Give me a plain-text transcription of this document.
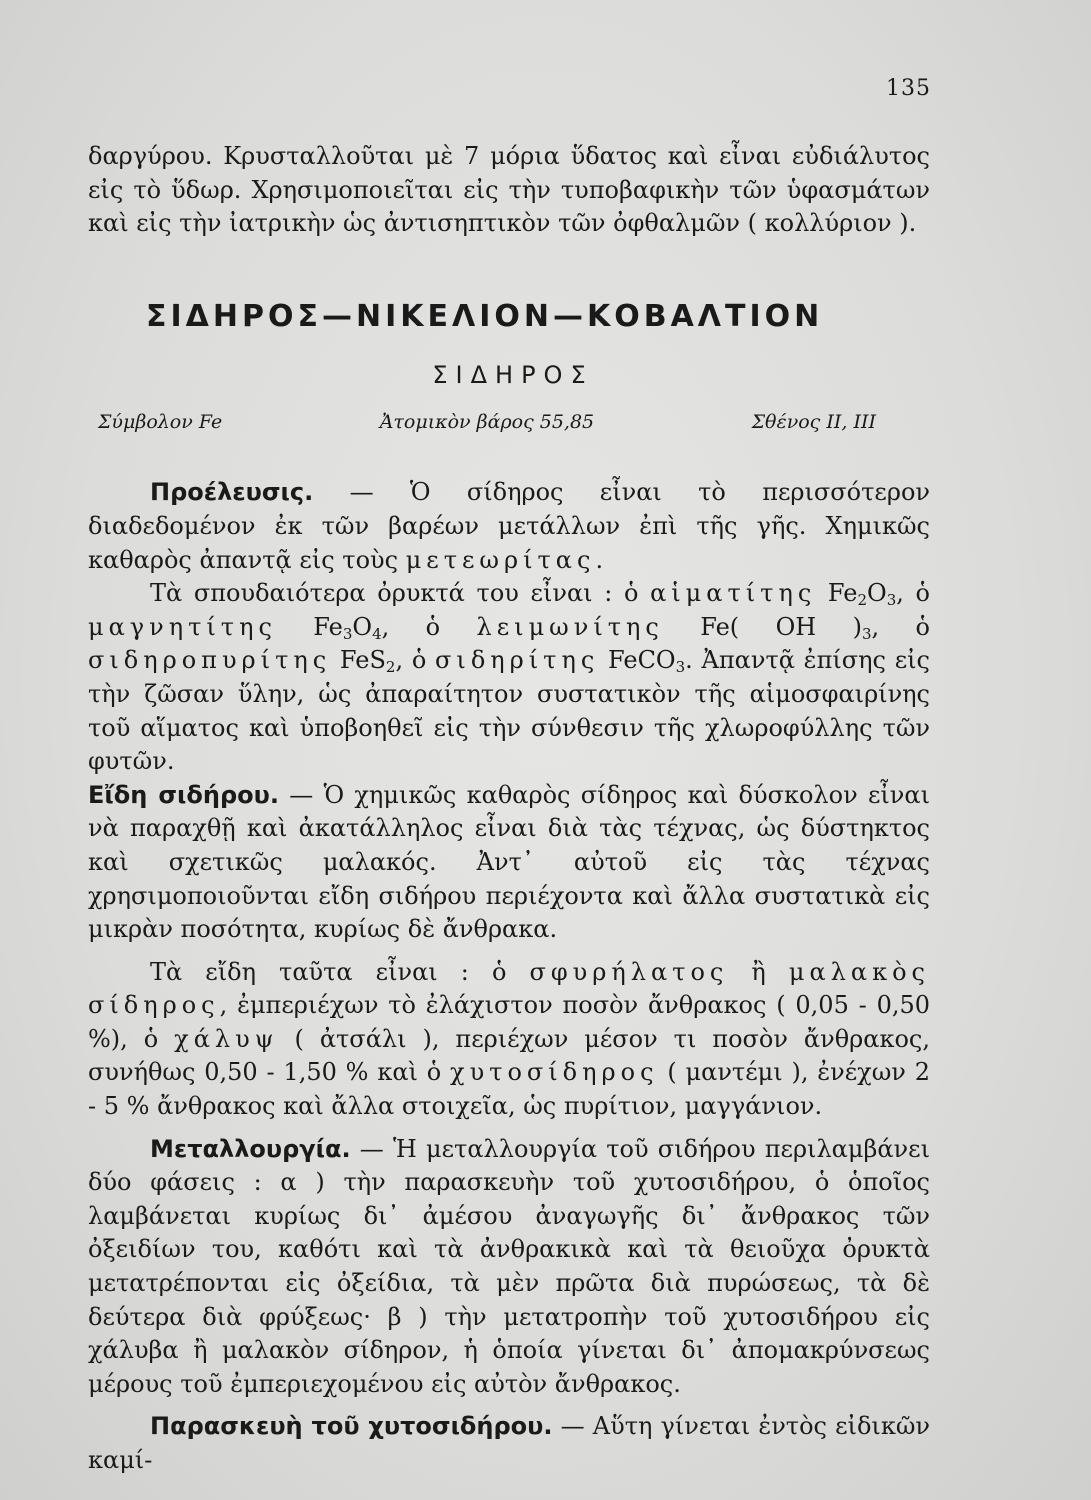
135

δαργύρου. Κρυσταλλοῦται μὲ 7 μόρια ὕδατος καὶ εἶναι εὐδιάλυτος εἰς τὸ ὕδωρ. Χρησιμοποιεῖται εἰς τὴν τυποβαφικὴν τῶν ὑφασμάτων καὶ εἰς τὴν ἰατρικὴν ὡς ἀντισηπτικὸν τῶν ὀφθαλμῶν ( κολλύριον ).

ΣΙΔΗΡΟΣ—ΝΙΚΕΛΙΟΝ—ΚΟΒΑΛΤΙΟΝ

ΣΙΔΗΡΟΣ

Σύμβολον Fe	Ἀτομικὸν βάρος 55,85	Σθένος II, III

Προέλευσις. — Ὁ σίδηρος εἶναι τὸ περισσότερον διαδεδομένον ἐκ τῶν βαρέων μετάλλων ἐπὶ τῆς γῆς. Χημικῶς καθαρὸς ἀπαντᾷ εἰς τοὺς μετεωρίτας.

Τὰ σπουδαιότερα ὀρυκτά του εἶναι : ὁ αἱματίτης $Fe_2O_3$, ὁ μαγνητίτης $Fe_3O_4$, ὁ λειμωνίτης Fe( OH )$_3$, ὁ σιδηροπυρίτης FeS$_2$, ὁ σιδηρίτης FeCO$_3$. Ἀπαντᾷ ἐπίσης εἰς τὴν ζῶσαν ὕλην, ὡς ἀπαραίτητον συστατικὸν τῆς αἱμοσφαιρίνης τοῦ αἵματος καὶ ὑποβοηθεῖ εἰς τὴν σύνθεσιν τῆς χλωροφύλλης τῶν φυτῶν.

Εἴδη σιδήρου. — Ὁ χημικῶς καθαρὸς σίδηρος καὶ δύσκολον εἶναι νὰ παραχθῇ καὶ ἀκατάλληλος εἶναι διὰ τὰς τέχνας, ὡς δύστηκτος καὶ σχετικῶς μαλακός. Ἀντ᾽ αὐτοῦ εἰς τὰς τέχνας χρησιμοποιοῦνται εἴδη σιδήρου περιέχοντα καὶ ἄλλα συστατικὰ εἰς μικρὰν ποσότητα, κυρίως δὲ ἄνθρακα.

Τὰ εἴδη ταῦτα εἶναι : ὁ σφυρήλατος ἢ μαλακὸς σίδηρος, ἐμπεριέχων τὸ ἐλάχιστον ποσὸν ἄνθρακος ( 0,05 - 0,50 %), ὁ χάλυψ ( ἀτσάλι ), περιέχων μέσον τι ποσὸν ἄνθρακος, συνήθως 0,50 - 1,50 % καὶ ὁ χυτοσίδηρος ( μαντέμι ), ἐνέχων 2 - 5 % ἄνθρακος καὶ ἄλλα στοιχεῖα, ὡς πυρίτιον, μαγγάνιον.

Μεταλλουργία. — Ἡ μεταλλουργία τοῦ σιδήρου περιλαμβάνει δύο φάσεις : α ) τὴν παρασκευὴν τοῦ χυτοσιδήρου, ὁ ὁποῖος λαμβάνεται κυρίως δι᾽ ἀμέσου ἀναγωγῆς δι᾽ ἄνθρακος τῶν ὀξειδίων του, καθότι καὶ τὰ ἀνθρακικὰ καὶ τὰ θειοῦχα ὀρυκτὰ μετατρέπονται εἰς ὀξείδια, τὰ μὲν πρῶτα διὰ πυρώσεως, τὰ δὲ δεύτερα διὰ φρύξεως· β ) τὴν μετατροπὴν τοῦ χυτοσιδήρου εἰς χάλυβα ἢ μαλακὸν σίδηρον, ἡ ὁποία γίνεται δι᾽ ἀπομακρύνσεως μέρους τοῦ ἐμπεριεχομένου εἰς αὐτὸν ἄνθρακος.

Παρασκευὴ τοῦ χυτοσιδήρου. — Αὕτη γίνεται ἐντὸς εἰδικῶν καμί-
